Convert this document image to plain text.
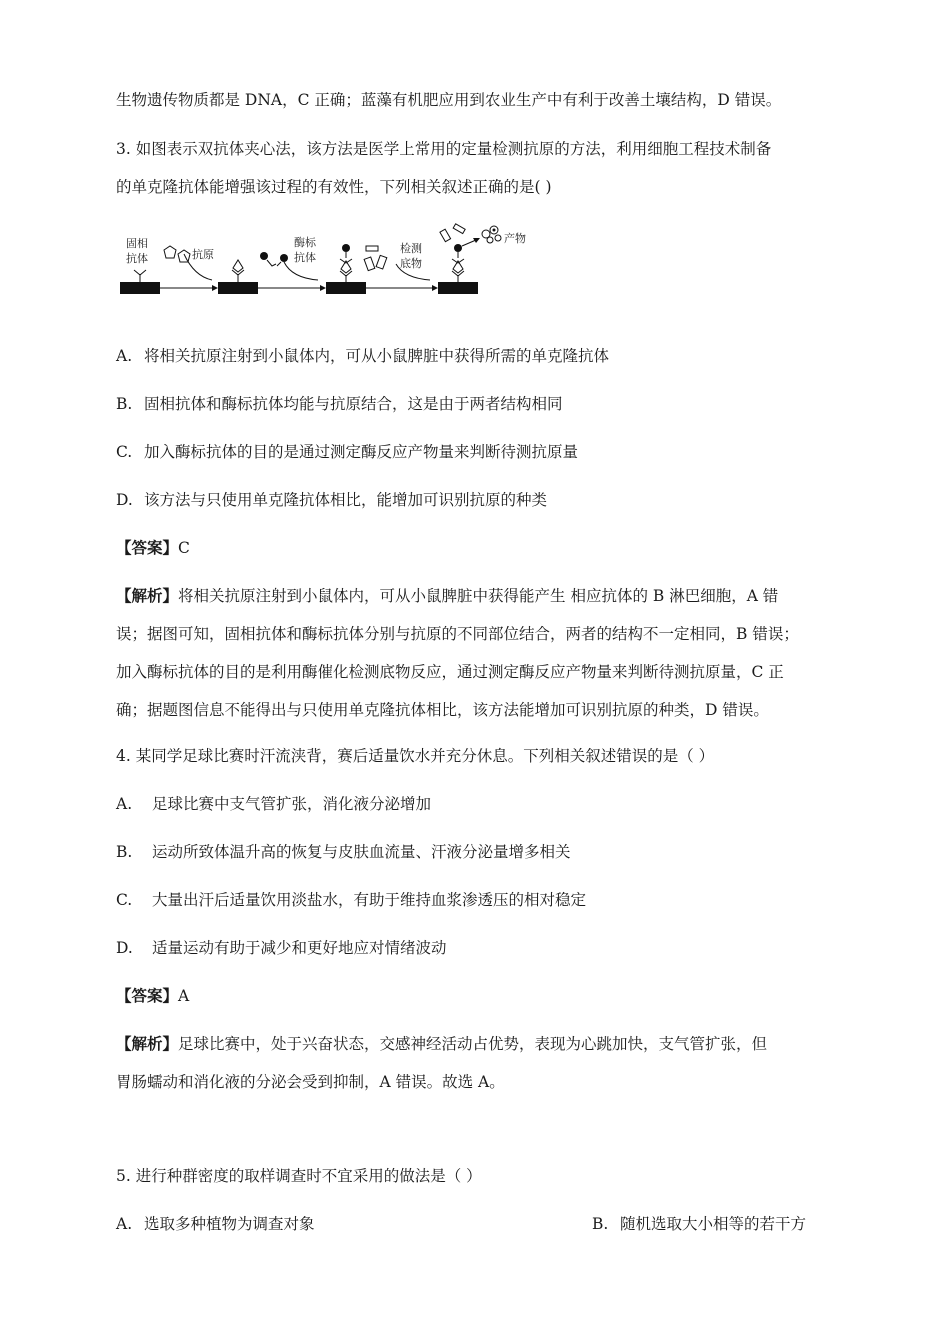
生物遗传物质都是 DNA，C 正确；蓝藻有机肥应用到农业生产中有利于改善土壤结构，D 错误。
3. 如图表示双抗体夹心法，该方法是医学上常用的定量检测抗原的方法，利用细胞工程技术制备
的单克隆抗体能增强该过程的有效性，下列相关叙述正确的是( )
固相
抗体	抗原
酶标
抗体
检测
底物
产物
A. 将相关抗原注射到小鼠体内，可从小鼠脾脏中获得所需的单克隆抗体
B. 固相抗体和酶标抗体均能与抗原结合，这是由于两者结构相同
C. 加入酶标抗体的目的是通过测定酶反应产物量来判断待测抗原量
D. 该方法与只使用单克隆抗体相比，能增加可识别抗原的种类
【答案】C
【解析】将相关抗原注射到小鼠体内，可从小鼠脾脏中获得能产生 相应抗体的 B 淋巴细胞，A 错
误；据图可知，固相抗体和酶标抗体分别与抗原的不同部位结合，两者的结构不一定相同，B 错误；
加入酶标抗体的目的是利用酶催化检测底物反应，通过测定酶反应产物量来判断待测抗原量，C 正
确；据题图信息不能得出与只使用单克隆抗体相比，该方法能增加可识别抗原的种类，D 错误。
4. 某同学足球比赛时汗流浃背，赛后适量饮水并充分休息。下列相关叙述错误的是（ ）
A. 足球比赛中支气管扩张，消化液分泌增加
B. 运动所致体温升高的恢复与皮肤血流量、汗液分泌量增多相关
C. 大量出汗后适量饮用淡盐水，有助于维持血浆渗透压的相对稳定
D. 适量运动有助于减少和更好地应对情绪波动
【答案】A
【解析】足球比赛中，处于兴奋状态，交感神经活动占优势，表现为心跳加快，支气管扩张，但
胃肠蠕动和消化液的分泌会受到抑制，A 错误。故选 A。
5. 进行种群密度的取样调查时不宜采用的做法是（ ）
A. 选取多种植物为调查对象	B. 随机选取大小相等的若干方
